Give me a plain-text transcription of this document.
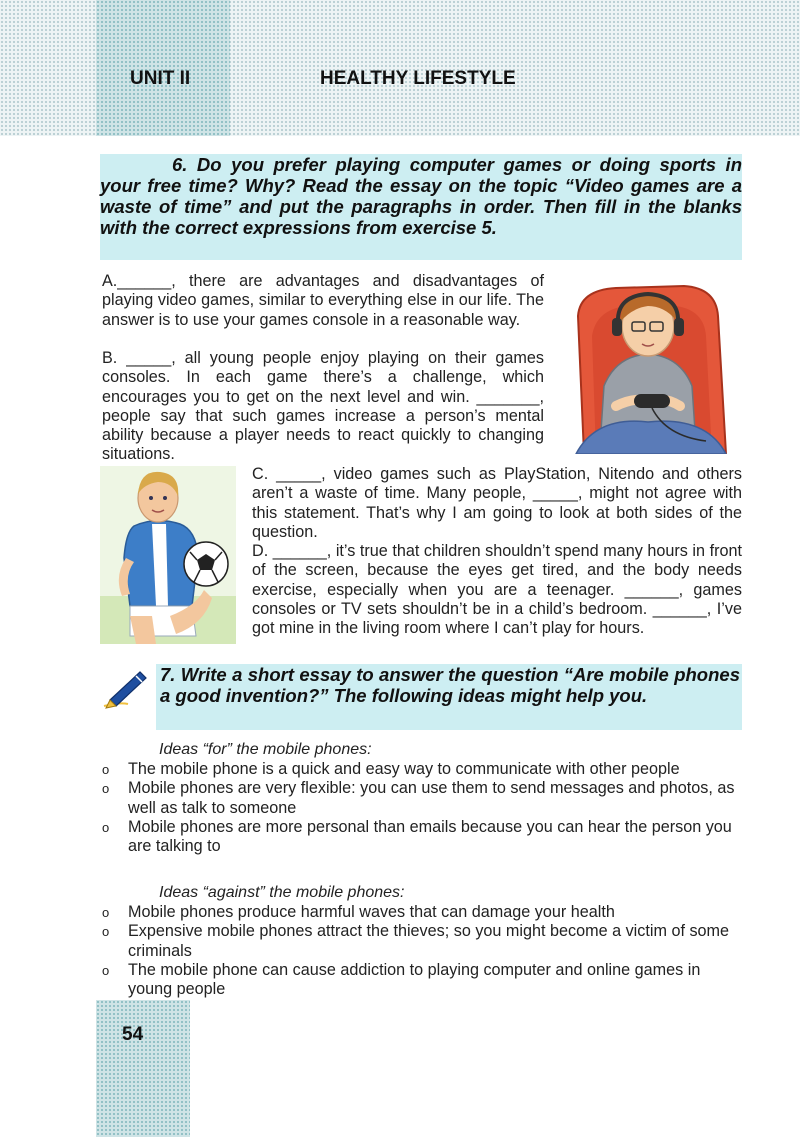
UNIT II	HEALTHY LIFESTYLE
6. Do you prefer playing computer games or doing sports in your free time? Why? Read the essay on the topic “Video games are a waste of time” and put the paragraphs in order. Then fill in the blanks with the correct expressions from exercise 5.
A.______, there are advantages and disadvantages of playing video games, similar to everything else in our life. The answer is to use your games console in a reasonable way.
B. _____, all young people enjoy playing on their games consoles. In each game there’s a challenge, which encourages you to get on the next level and win. _______, people say that such games increase a person’s mental ability because a player needs to react quickly to changing situations.
C. _____, video games such as PlayStation, Nitendo and others aren’t a waste of time. Many people, _____, might not agree with this statement. That’s why I am going to look at both sides of the question.
D. ______, it’s true that children shouldn’t spend many hours in front of the screen, because the eyes get tired, and the body needs exercise, especially when you are a teenager. ______, games consoles or TV sets shouldn’t be in a child’s bedroom. ______, I’ve got mine in the living room where I can’t play for hours.
7. Write a short essay to answer the question “Are mobile phones a good invention?” The following ideas might help you.
Ideas “for” the mobile phones:
o The mobile phone is a quick and easy way to communicate with other people
o Mobile phones are very flexible: you can use them to send messages and photos, as well as talk to someone
o Mobile phones are more personal than emails because you can hear the person you are talking to
Ideas “against” the mobile phones:
o Mobile phones produce harmful waves that can damage your health
o Expensive mobile phones attract the thieves; so you might become a victim of some criminals
o The mobile phone can cause addiction to playing computer and online games in young people
54
